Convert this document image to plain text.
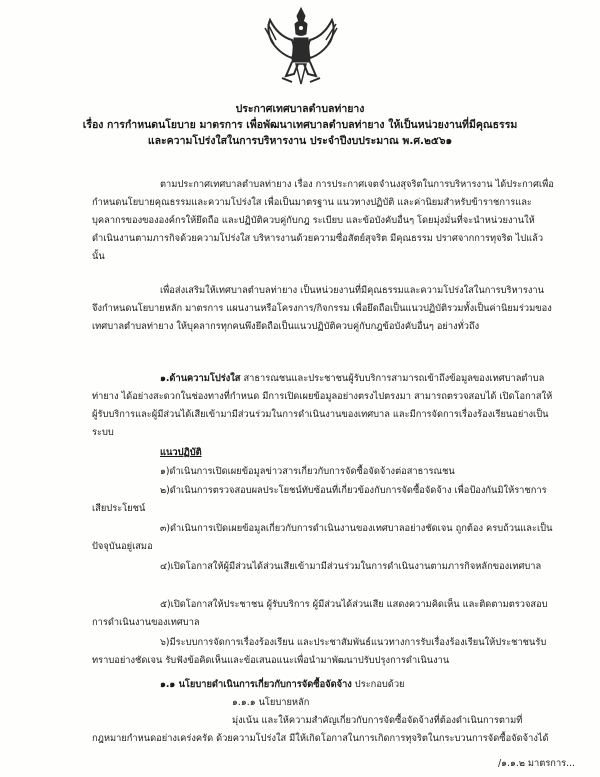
ประกาศเทศบาลตำบลท่ายาง
เรื่อง การกำหนดนโยบาย มาตรการ เพื่อพัฒนาเทศบาลตำบลท่ายาง ให้เป็นหน่วยงานที่มีคุณธรรม
และความโปร่งใสในการบริหารงาน ประจำปีงบประมาณ พ.ศ.๒๕๖๑

ตามประกาศเทศบาลตำบลท่ายาง เรื่อง การประกาศเจตจำนงสุจริตในการบริหารงาน ได้ประกาศเพื่อกำหนดนโยบายคุณธรรมและความโปร่งใส เพื่อเป็นมาตรฐาน แนวทางปฏิบัติ และค่านิยมสำหรับข้าราชการและบุคลากรของขององค์กรให้ยึดถือ และปฏิบัติควบคู่กับกฎ ระเบียบ และข้อบังคับอื่นๆ โดยมุ่งมั่นที่จะนำหน่วยงานให้ดำเนินงานตามภารกิจด้วยความโปร่งใส บริหารงานด้วยความซื่อสัตย์สุจริต มีคุณธรรม ปราศจากการทุจริต ไปแล้ว นั้น

เพื่อส่งเสริมให้เทศบาลตำบลท่ายาง เป็นหน่วยงานที่มีคุณธรรมและความโปร่งใสในการบริหารงาน จึงกำหนดนโยบายหลัก มาตรการ แผนงานหรือโครงการ/กิจกรรม เพื่อยึดถือเป็นแนวปฏิบัติรวมทั้งเป็นค่านิยมร่วมของเทศบาลตำบลท่ายาง ให้บุคลากรทุกคนพึงยึดถือเป็นแนวปฏิบัติควบคู่กับกฎข้อบังคับอื่นๆ อย่างทั่วถึง

๑.ด้านความโปร่งใส สาธารณชนและประชาชนผู้รับบริการสามารถเข้าถึงข้อมูลของเทศบาลตำบลท่ายาง ได้อย่างสะดวกในช่องทางที่กำหนด มีการเปิดเผยข้อมูลอย่างตรงไปตรงมา สามารถตรวจสอบได้ เปิดโอกาสให้ผู้รับบริการและผู้มีส่วนได้เสียเข้ามามีส่วนร่วมในการดำเนินงานของเทศบาล และมีการจัดการเรื่องร้องเรียนอย่างเป็นระบบ

แนวปฏิบัติ

๑)ดำเนินการเปิดเผยข้อมูลข่าวสารเกี่ยวกับการจัดซื้อจัดจ้างต่อสาธารณชน

๒)ดำเนินการตรวจสอบผลประโยชน์ทับซ้อนที่เกี่ยวข้องกับการจัดซื้อจัดจ้าง เพื่อป้องกันมิให้ราชการเสียประโยชน์

๓)ดำเนินการเปิดเผยข้อมูลเกี่ยวกับการดำเนินงานของเทศบาลอย่างชัดเจน ถูกต้อง ครบถ้วนและเป็นปัจจุบันอยู่เสมอ

๔)เปิดโอกาสให้ผู้มีส่วนได้ส่วนเสียเข้ามามีส่วนร่วมในการดำเนินงานตามภารกิจหลักของเทศบาล

๕)เปิดโอกาสให้ประชาชน ผู้รับบริการ ผู้มีส่วนได้ส่วนเสีย แสดงความคิดเห็น และติดตามตรวจสอบการดำเนินงานของเทศบาล

๖)มีระบบการจัดการเรื่องร้องเรียน และประชาสัมพันธ์แนวทางการรับเรื่องร้องเรียนให้ประชาชนรับทราบอย่างชัดเจน รับฟังข้อคิดเห็นและข้อเสนอแนะเพื่อนำมาพัฒนาปรับปรุงการดำเนินงาน

๑.๑ นโยบายดำเนินการเกี่ยวกับการจัดซื้อจัดจ้าง ประกอบด้วย

๑.๑.๑ นโยบายหลัก

มุ่งเน้น และให้ความสำคัญเกี่ยวกับการจัดซื้อจัดจ้างที่ต้องดำเนินการตามที่กฎหมายกำหนดอย่างเคร่งครัด ด้วยความโปร่งใส มีให้เกิดโอกาสในการเกิดการทุจริตในกระบวนการจัดซื้อจัดจ้างได้

/๑.๑.๒ มาตรการ...
